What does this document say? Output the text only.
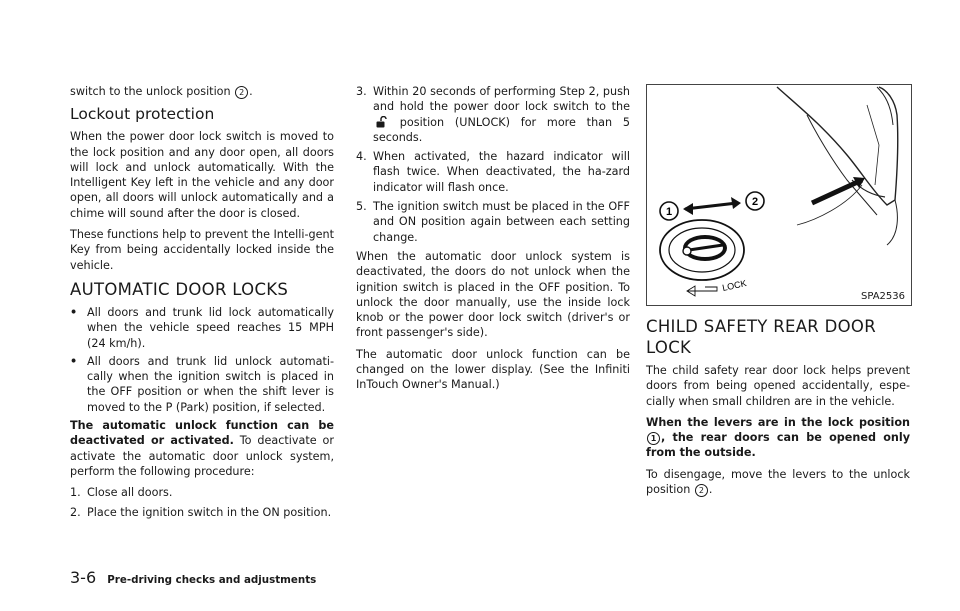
switch to the unlock position 2 .

Lockout protection

When the power door lock switch is moved to the lock position and any door open, all doors will lock and unlock automatically. With the Intelligent Key left in the vehicle and any door open, all doors will unlock automatically and a chime will sound after the door is closed.

These functions help to prevent the Intelli-gent Key from being accidentally locked inside the vehicle.

AUTOMATIC DOOR LOCKS
• All doors and trunk lid lock automatically when the vehicle speed reaches 15 MPH (24 km/h).
• All doors and trunk lid unlock automati-cally when the ignition switch is placed in the OFF position or when the shift lever is moved to the P (Park) position, if selected.

The automatic unlock function can be deactivated or activated. To deactivate or activate the automatic door unlock system, perform the following procedure:

1. Close all doors.
2. Place the ignition switch in the ON position.
3. Within 20 seconds of performing Step 2, push and hold the power door lock switch to the  position (UNLOCK) for more than 5 seconds.
4. When activated, the hazard indicator will flash twice. When deactivated, the ha-zard indicator will flash once.
5. The ignition switch must be placed in the OFF and ON position again between each setting change.

When the automatic door unlock system is deactivated, the doors do not unlock when the ignition switch is placed in the OFF position. To unlock the door manually, use the inside lock knob or the power door lock switch (driver's or front passenger's side).

The automatic door unlock function can be changed on the lower display. (See the Infiniti InTouch Owner's Manual.)

1
2
LOCK
SPA2536
CHILD SAFETY REAR DOOR LOCK

The child safety rear door lock helps prevent doors from being opened accidentally, espe-cially when small children are in the vehicle.

When the levers are in the lock position 1 , the rear doors can be opened only from the outside.

To disengage, move the levers to the unlock position 2 .

3-6 Pre-driving checks and adjustments
